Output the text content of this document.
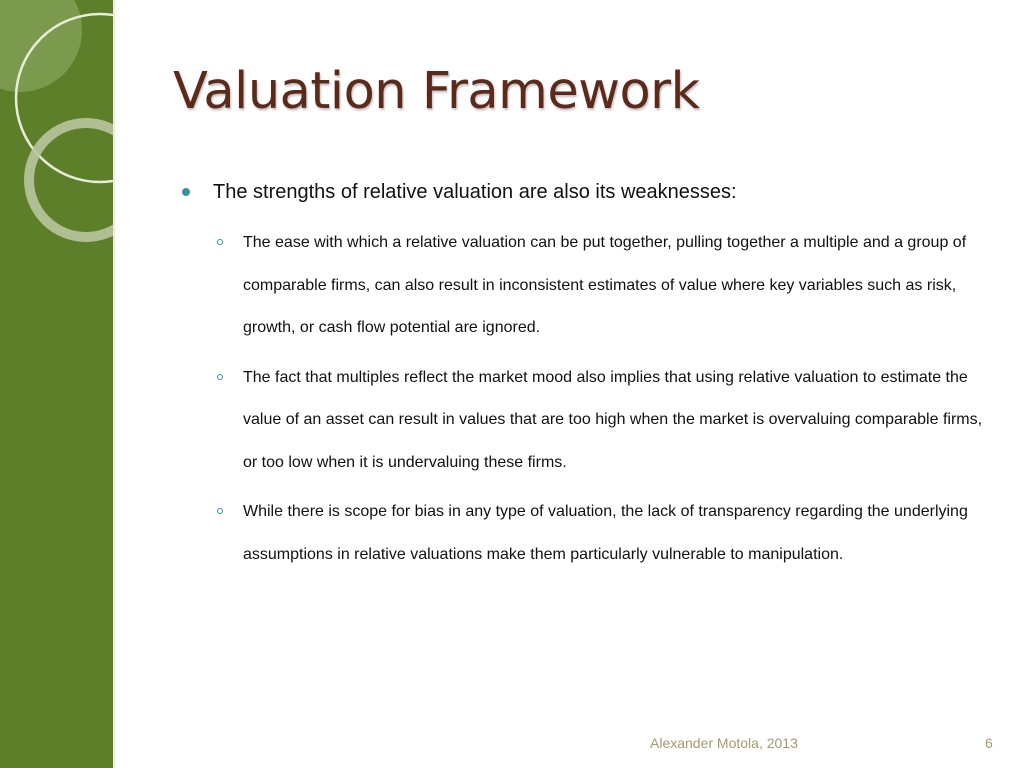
Valuation Framework
The strengths of relative valuation are also its weaknesses:
The ease with which a relative valuation can be put together, pulling together a multiple and a group of comparable firms, can also result in inconsistent estimates of value where key variables such as risk, growth, or cash flow potential are ignored.
The fact that multiples reflect the market mood also implies that using relative valuation to estimate the value of an asset can result in values that are too high when the market is overvaluing comparable firms, or too low when it is undervaluing these firms.
While there is scope for bias in any type of valuation, the lack of transparency regarding the underlying assumptions in relative valuations make them particularly vulnerable to manipulation.
Alexander Motola, 2013	6
